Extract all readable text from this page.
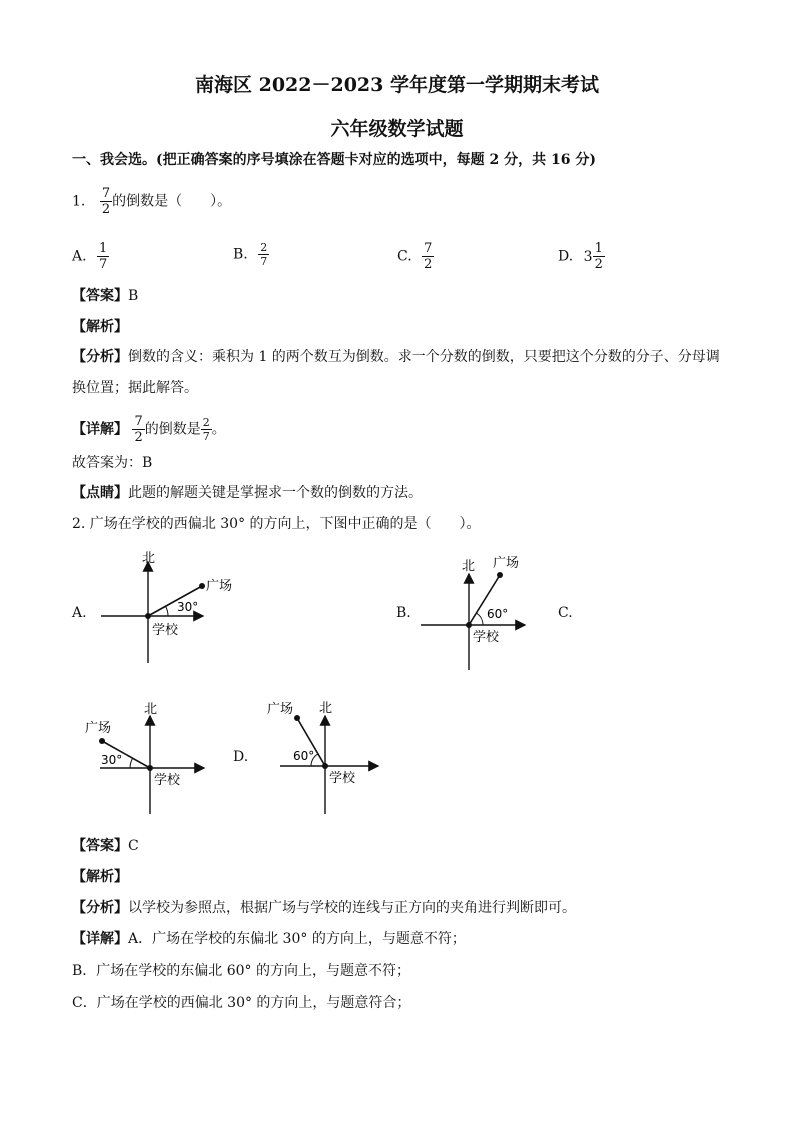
南海区 2022－2023 学年度第一学期期末考试
六年级数学试题
一、我会选。(把正确答案的序号填涂在答题卡对应的选项中，每题 2 分，共 16 分)
1. $\frac{7}{2}$ 的倒数是（　　）。
A. $\frac{1}{7}$	B. $\frac{2}{7}$	C. $\frac{7}{2}$	D. $3 \frac{1}{2}$
【答案】B
【解析】
【分析】倒数的含义：乘积为 1 的两个数互为倒数。求一个分数的倒数，只要把这个分数的分子、分母调换位置；据此解答。
【详解】 $\frac{7}{2}$ 的倒数是 $\frac{2}{7}$ 。
故答案为：B
【点睛】此题的解题关键是掌握求一个数的倒数的方法。
2. 广场在学校的西偏北 30° 的方向上，下图中正确的是（　　）。
A.	B.	C.
D.
北
广场
30°
学校
北 广场
60°
学校
北
广场
30°
学校
北
广场
60°
学校
【答案】C
【解析】
【分析】以学校为参照点，根据广场与学校的连线与正方向的夹角进行判断即可。
【详解】A．广场在学校的东偏北 30° 的方向上，与题意不符；
B．广场在学校的东偏北 60° 的方向上，与题意不符；
C．广场在学校的西偏北 30° 的方向上，与题意符合；
